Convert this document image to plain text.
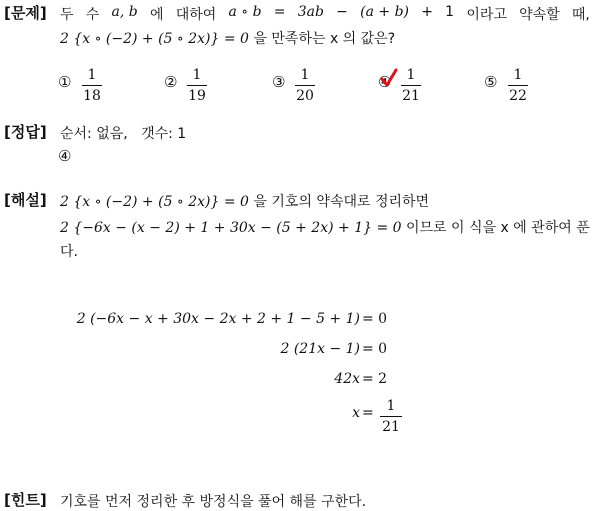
[문제] 두 수 a, b 에 대하여 a ∘ b = 3ab − (a + b) + 1 이라고 약속할 때,
2 {x ∘ (−2) + (5 ∘ 2x)} = 0 을 만족하는 x 의 값은?
①	1
18
②	1
19
③	1
20
④	1
21
⑤	1
22
[정답] 순서: 없음,   갯수: 1
④
[해설] 2 {x ∘ (−2) + (5 ∘ 2x)} = 0 을 기호의 약속대로 정리하면
2 {−6x − (x − 2) + 1 + 30x − (5 + 2x) + 1} = 0 이므로 이 식을 x 에 관하여 푼
다.
2 (−6x − x + 30x − 2x + 2 + 1 − 5 + 1) = 0
2 (21x − 1) = 0
42x = 2
x = 1
21
[힌트] 기호를 먼저 정리한 후 방정식을 풀어 해를 구한다.
